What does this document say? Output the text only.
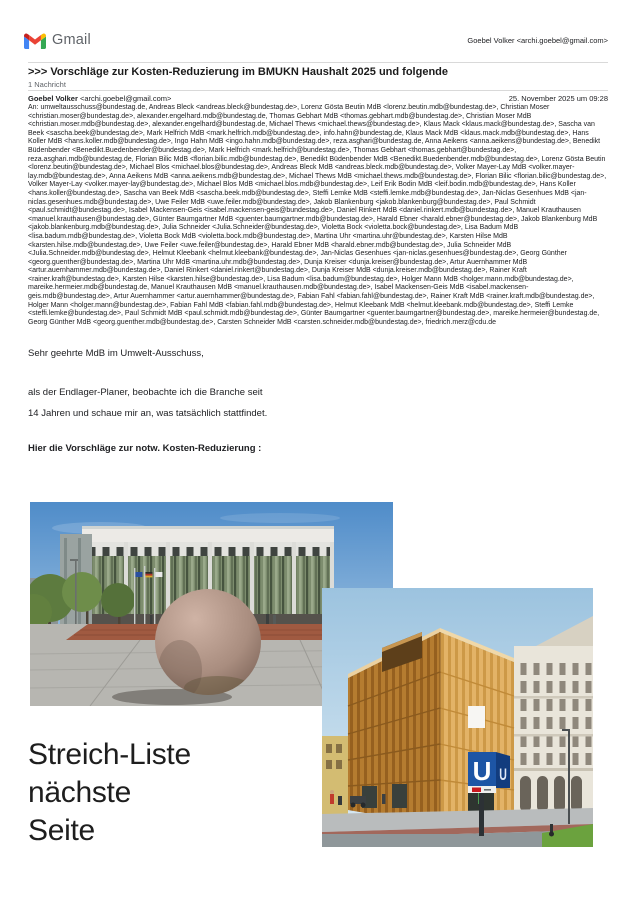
Gmail	Goebel Volker <archi.goebel@gmail.com>
>>> Vorschläge zur Kosten-Reduzierung im BMUKN Haushalt 2025 und folgende
1 Nachricht
Goebel Volker <archi.goebel@gmail.com>	25. November 2025 um 09:28

An: umweltausschuss@bundestag.de, Andreas Bleck <andreas.bleck@bundestag.de>, Lorenz Gösta Beutin MdB <lorenz.beutin.mdb@bundestag.de>, Christian Moser <christian.moser@bundestag.de>, alexander.engelhard.mdb@bundestag.de, Thomas Gebhart MdB <thomas.gebhart.mdb@bundestag.de>, Christian Moser MdB <christian.moser.mdb@bundestag.de>, alexander.engelhard@bundestag.de, Michael Thews <michael.thews@bundestag.de>, Klaus Mack <klaus.mack@bundestag.de>, Sascha van Beek <sascha.beek@bundestag.de>, Mark Helfrich MdB <mark.helfrich.mdb@bundestag.de>, info.hahn@bundestag.de, Klaus Mack MdB <klaus.mack.mdb@bundestag.de>, Hans Koller MdB <hans.koller.mdb@bundestag.de>, Ingo Hahn MdB <ingo.hahn.mdb@bundestag.de>, reza.asghari@bundestag.de, Anna Aeikens <anna.aeikens@bundestag.de>, Benedikt Büdenbender <Benedikt.Buedenbender@bundestag.de>, Mark Helfrich <mark.helfrich@bundestag.de>, Thomas Gebhart <thomas.gebhart@bundestag.de>, reza.asghari.mdb@bundestag.de, Florian Bilic MdB <florian.bilic.mdb@bundestag.de>, Benedikt Büdenbender MdB <Benedikt.Buedenbender.mdb@bundestag.de>, Lorenz Gösta Beutin <lorenz.beutin@bundestag.de>, Michael Blos <michael.blos@bundestag.de>, Andreas Bleck MdB <andreas.bleck.mdb@bundestag.de>, Volker Mayer-Lay MdB <volker.mayer-lay.mdb@bundestag.de>, Anna Aeikens MdB <anna.aeikens.mdb@bundestag.de>, Michael Thews MdB <michael.thews.mdb@bundestag.de>, Florian Bilic <florian.bilic@bundestag.de>, Volker Mayer-Lay <volker.mayer-lay@bundestag.de>, Michael Blos MdB <michael.blos.mdb@bundestag.de>, Leif Erik Bodin MdB <leif.bodin.mdb@bundestag.de>, Hans Koller <hans.koller@bundestag.de>, Sascha van Beek MdB <sascha.beek.mdb@bundestag.de>, Steffi Lemke MdB <steffi.lemke.mdb@bundestag.de>, Jan-Niclas Gesenhues MdB <jan-niclas.gesenhues.mdb@bundestag.de>, Uwe Feiler MdB <uwe.feiler.mdb@bundestag.de>, Jakob Blankenburg <jakob.blankenburg@bundestag.de>, Paul Schmidt <paul.schmidt@bundestag.de>, Isabel Mackensen-Geis <isabel.mackensen-geis@bundestag.de>, Daniel Rinkert MdB <daniel.rinkert.mdb@bundestag.de>, Manuel Krauthausen <manuel.krauthausen@bundestag.de>, Günter Baumgartner MdB <guenter.baumgartner.mdb@bundestag.de>, Harald Ebner <harald.ebner@bundestag.de>, Jakob Blankenburg MdB <jakob.blankenburg.mdb@bundestag.de>, Julia Schneider <Julia.Schneider@bundestag.de>, Violetta Bock <violetta.bock@bundestag.de>, Lisa Badum MdB <lisa.badum.mdb@bundestag.de>, Violetta Bock MdB <violetta.bock.mdb@bundestag.de>, Martina Uhr <martina.uhr@bundestag.de>, Karsten Hilse MdB <karsten.hilse.mdb@bundestag.de>, Uwe Feiler <uwe.feiler@bundestag.de>, Harald Ebner MdB <harald.ebner.mdb@bundestag.de>, Julia Schneider MdB <Julia.Schneider.mdb@bundestag.de>, Helmut Kleebank <helmut.kleebank@bundestag.de>, Jan-Niclas Gesenhues <jan-niclas.gesenhues@bundestag.de>, Georg Günther <georg.guenther@bundestag.de>, Martina Uhr MdB <martina.uhr.mdb@bundestag.de>, Dunja Kreiser <dunja.kreiser@bundestag.de>, Artur Auernhammer MdB <artur.auernhammer.mdb@bundestag.de>, Daniel Rinkert <daniel.rinkert@bundestag.de>, Dunja Kreiser MdB <dunja.kreiser.mdb@bundestag.de>, Rainer Kraft <rainer.kraft@bundestag.de>, Karsten Hilse <karsten.hilse@bundestag.de>, Lisa Badum <lisa.badum@bundestag.de>, Holger Mann MdB <holger.mann.mdb@bundestag.de>, mareike.hermeier.mdb@bundestag.de, Manuel Krauthausen MdB <manuel.krauthausen.mdb@bundestag.de>, Isabel Mackensen-Geis MdB <isabel.mackensen-geis.mdb@bundestag.de>, Artur Auernhammer <artur.auernhammer@bundestag.de>, Fabian Fahl <fabian.fahl@bundestag.de>, Rainer Kraft MdB <rainer.kraft.mdb@bundestag.de>, Holger Mann <holger.mann@bundestag.de>, Fabian Fahl MdB <fabian.fahl.mdb@bundestag.de>, Helmut Kleebank MdB <helmut.kleebank.mdb@bundestag.de>, Steffi Lemke <steffi.lemke@bundestag.de>, Paul Schmidt MdB <paul.schmidt.mdb@bundestag.de>, Günter Baumgartner <guenter.baumgartner@bundestag.de>, mareike.hermeier@bundestag.de, Georg Günther MdB <georg.guenther.mdb@bundestag.de>, Carsten Schneider MdB <carsten.schneider.mdb@bundestag.de>, friedrich.merz@cdu.de

Sehr geehrte MdB im Umwelt-Ausschuss,

als der Endlager-Planer, beobachte ich die Branche seit

14 Jahren und schaue mir an, was tatsächlich stattfindet.

Hier die Vorschläge zur notw. Kosten-Reduzierung :

U
U
Streich-Liste
nächste
Seite
